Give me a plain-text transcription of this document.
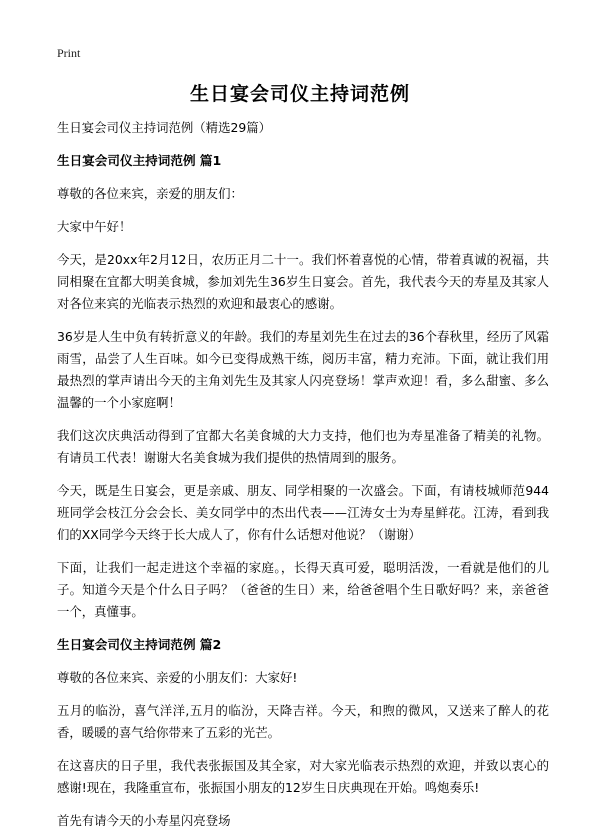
Print
生日宴会司仪主持词范例

生日宴会司仪主持词范例（精选29篇）

生日宴会司仪主持词范例 篇1

尊敬的各位来宾，亲爱的朋友们：

大家中午好！

今天，是20xx年2月12日，农历正月二十一。我们怀着喜悦的心情，带着真诚的祝福，共同相聚在宜都大明美食城，参加刘先生36岁生日宴会。首先，我代表今天的寿星及其家人对各位来宾的光临表示热烈的欢迎和最衷心的感谢。

36岁是人生中负有转折意义的年龄。我们的寿星刘先生在过去的36个春秋里，经历了风霜雨雪，品尝了人生百味。如今已变得成熟干练，阅历丰富，精力充沛。下面，就让我们用最热烈的掌声请出今天的主角刘先生及其家人闪亮登场！掌声欢迎！看，多么甜蜜、多么温馨的一个小家庭啊！

我们这次庆典活动得到了宜都大名美食城的大力支持，他们也为寿星准备了精美的礼物。有请员工代表！谢谢大名美食城为我们提供的热情周到的服务。

今天，既是生日宴会，更是亲戚、朋友、同学相聚的一次盛会。下面，有请枝城师范944班同学会枝江分会会长、美女同学中的杰出代表——江涛女士为寿星鲜花。江涛，看到我们的XX同学今天终于长大成人了，你有什么话想对他说？（谢谢）

下面，让我们一起走进这个幸福的家庭。，长得天真可爱，聪明活泼，一看就是他们的儿子。知道今天是个什么日子吗？（爸爸的生日）来，给爸爸唱个生日歌好吗？来，亲爸爸一个，真懂事。

生日宴会司仪主持词范例 篇2

尊敬的各位来宾、亲爱的小朋友们：大家好!

五月的临汾，喜气洋洋,五月的临汾，天降吉祥。今天，和煦的微风，又送来了醉人的花香，暖暖的喜气给你带来了五彩的光芒。

在这喜庆的日子里，我代表张振国及其全家，对大家光临表示热烈的欢迎，并致以衷心的感谢!现在，我隆重宣布，张振国小朋友的12岁生日庆典现在开始。鸣炮奏乐!

首先有请今天的小寿星闪亮登场
